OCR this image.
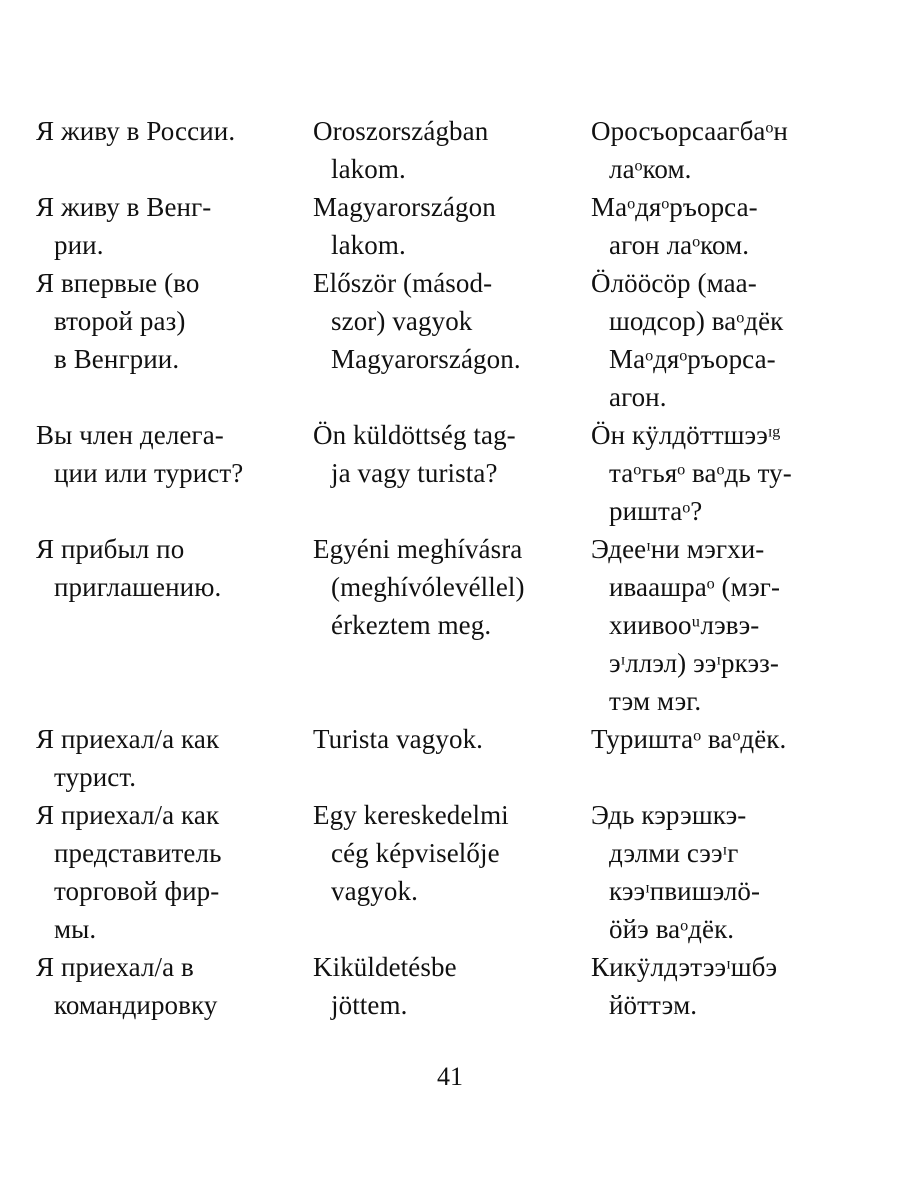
Я живу в России.	Oroszországban
lakom.
Оросъорсаагбаᵒн
лаᵒком.
Я живу в Венг-
рии.
Magyarországon
lakom.
Маᵒдяᵒръорса-
агон лаᵒком.
Я впервые (во
второй раз)
в Венгрии.
Először (másod-
szor) vagyok
Magyarországon.
Ӧлӧӧсӧр (маа-
шодсор) ваᵒдёк
Маᵒдяᵒръорса-
агон.
Вы член делега-
ции или турист?
Ön küldöttség tag-
ja vagy turista?
Ӧн кӱлдӧттшээᶦᵍ
таᵒгьяᵒ ваᵒдь ту-
риштаᵒ?
Я прибыл по
приглашению.
Egyéni meghívásra
(meghívólevéllel)
érkeztem meg.
Эдееᶦни мэгхи-
иваашраᵒ (мэг-
хиивооᵘлэвэ-
эᶦллэл) ээᶦркэз-
тэм мэг.
Я приехал/а как
турист.
Turista vagyok.	Туриштаᵒ ваᵒдёк.
Я приехал/а как
представитель
торговой фир-
мы.
Egy kereskedelmi
cég képviselője
vagyok.
Эдь кэрэшкэ-
дэлми сээᶦг
кээᶦпвишэлӧ-
ӧйэ ваᵒдёк.
Я приехал/а в
командировку
Kiküldetésbe
jöttem.
Кикӱлдэтээᶦшбэ
йӧттэм.
41
